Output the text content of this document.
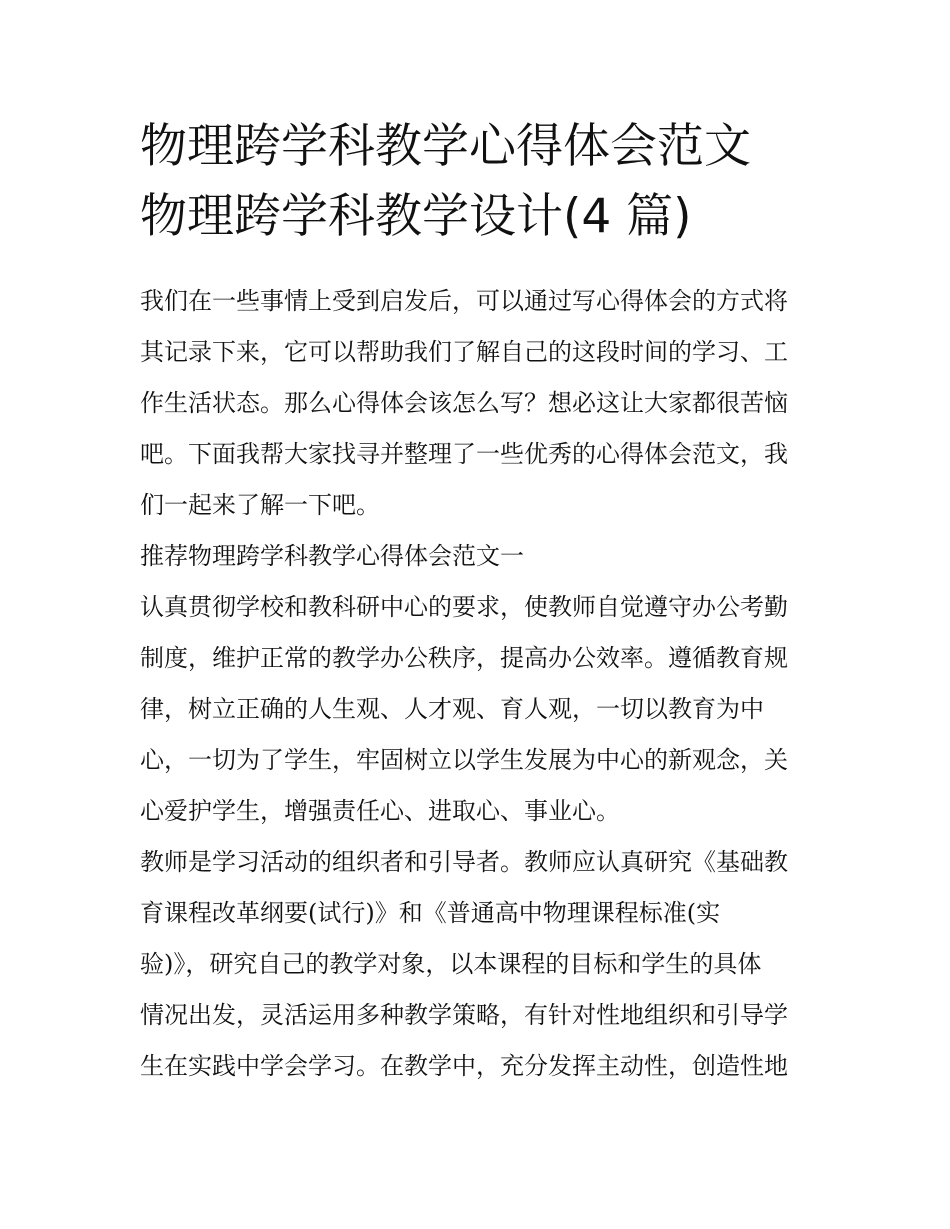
物理跨学科教学心得体会范文
物理跨学科教学设计(4 篇)
我们在一些事情上受到启发后，可以通过写心得体会的方式将
其记录下来，它可以帮助我们了解自己的这段时间的学习、工
作生活状态。那么心得体会该怎么写？想必这让大家都很苦恼
吧。下面我帮大家找寻并整理了一些优秀的心得体会范文，我
们一起来了解一下吧。
推荐物理跨学科教学心得体会范文一
认真贯彻学校和教科研中心的要求，使教师自觉遵守办公考勤
制度，维护正常的教学办公秩序，提高办公效率。遵循教育规
律，树立正确的人生观、人才观、育人观，一切以教育为中
心，一切为了学生，牢固树立以学生发展为中心的新观念，关
心爱护学生，增强责任心、进取心、事业心。
教师是学习活动的组织者和引导者。教师应认真研究《基础教
育课程改革纲要(试行)》和《普通高中物理课程标准(实
验)》，研究自己的教学对象，以本课程的目标和学生的具体
情况出发，灵活运用多种教学策略，有针对性地组织和引导学
生在实践中学会学习。在教学中，充分发挥主动性，创造性地
